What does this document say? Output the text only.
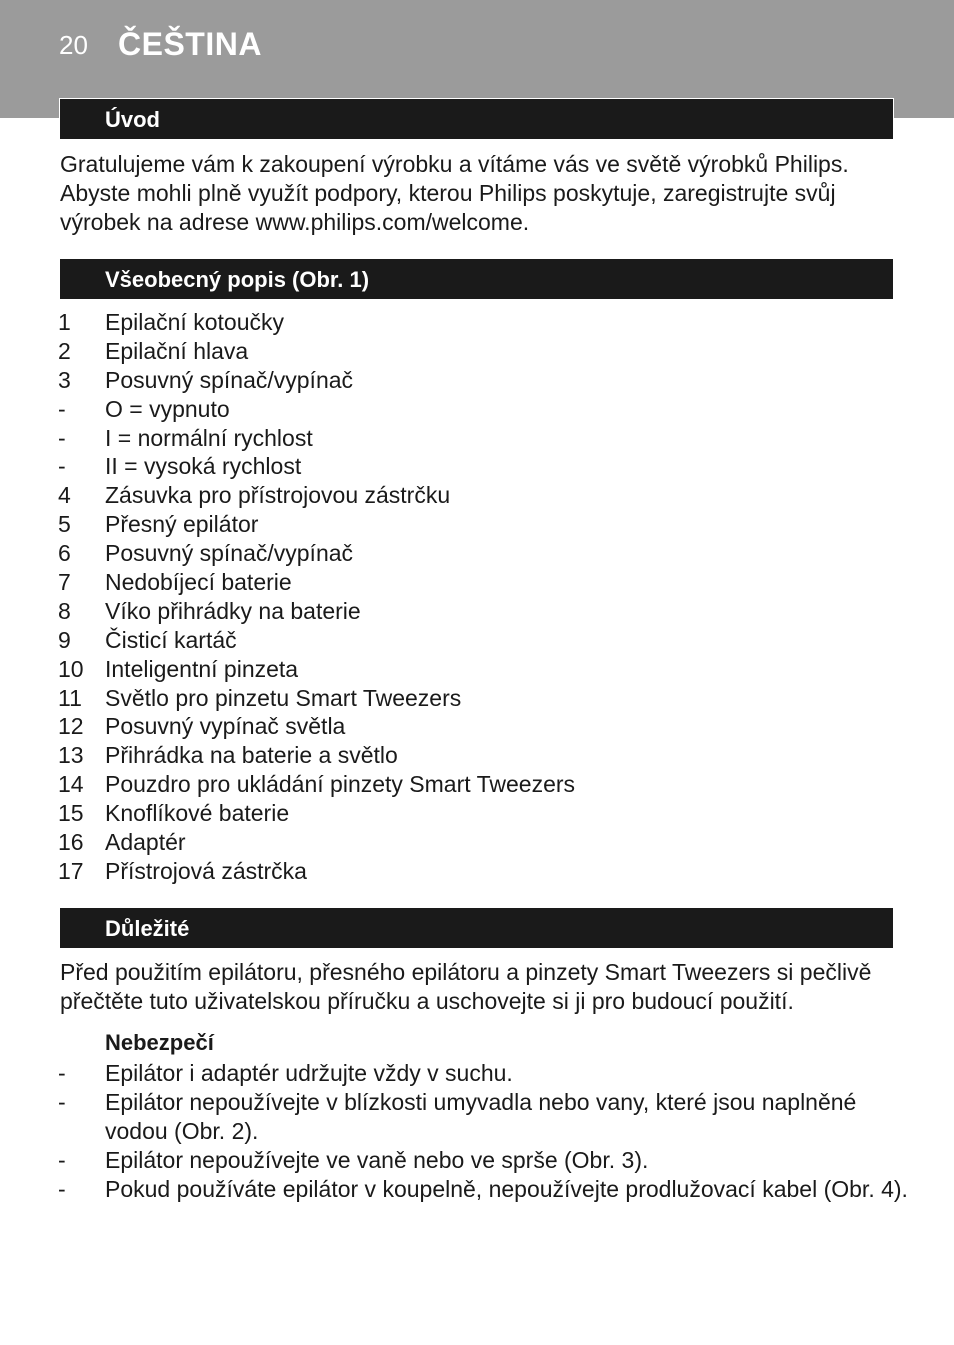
20 ČEŠTINA
Úvod
Gratulujeme vám k zakoupení výrobku a vítáme vás ve světě výrobků Philips. Abyste mohli plně využít podpory, kterou Philips poskytuje, zaregistrujte svůj výrobek na adrese www.philips.com/welcome.
Všeobecný popis (Obr. 1)
1	Epilační kotoučky
2	Epilační hlava
3	Posuvný spínač/vypínač
-	O = vypnuto
-	I = normální rychlost
-	II = vysoká rychlost
4	Zásuvka pro přístrojovou zástrčku
5	Přesný epilátor
6	Posuvný spínač/vypínač
7	Nedobíjecí baterie
8	Víko přihrádky na baterie
9	Čisticí kartáč
10 Inteligentní pinzeta
11	Světlo pro pinzetu Smart Tweezers
12 Posuvný vypínač světla
13 Přihrádka na baterie a světlo
14 Pouzdro pro ukládání pinzety Smart Tweezers
15 Knoflíkové baterie
16 Adaptér
17 Přístrojová zástrčka
Důležité
Před použitím epilátoru, přesného epilátoru a pinzety Smart Tweezers si pečlivě přečtěte tuto uživatelskou příručku a uschovejte si ji pro budoucí použití.
Nebezpečí
-	Epilátor i adaptér udržujte vždy v suchu.
-	Epilátor nepoužívejte v blízkosti umyvadla nebo vany, které jsou naplněné vodou (Obr. 2).
-	Epilátor nepoužívejte ve vaně nebo ve sprše (Obr. 3).
-	Pokud používáte epilátor v koupelně, nepoužívejte prodlužovací kabel (Obr. 4).
